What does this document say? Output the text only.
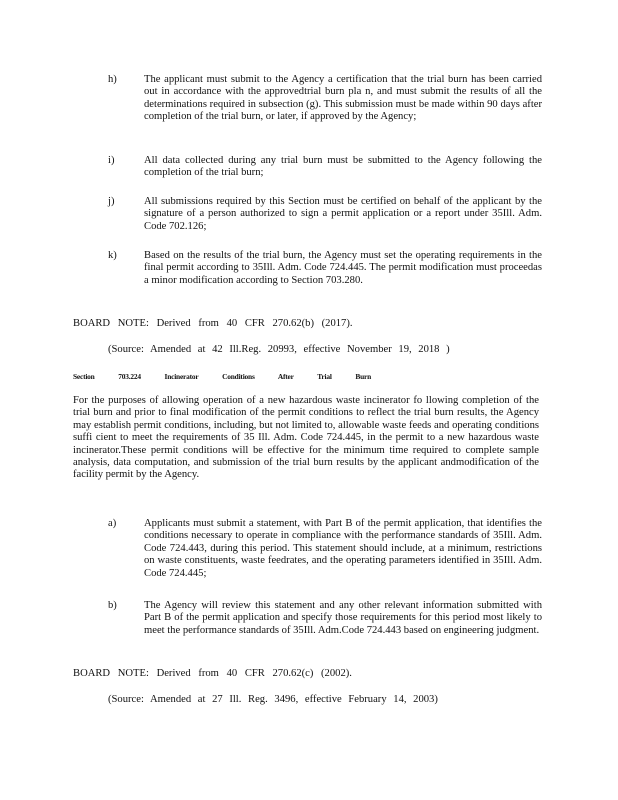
h)	The applicant must submit to the Agency a certification that the trial burn has been carried out in accordance with the approvedtrial burn pla n, and must submit the results of all the determinations required in subsection (g). This submission must be made within 90 days after completion of the trial burn, or later, if approved by the Agency;
i)	All data collected during any trial burn must be submitted to the Agency following the completion of the trial burn;
j)	All submissions required by this Section must be certified on behalf of the applicant by the signature of a person authorized to sign a permit application or a report under 35Ill. Adm. Code 702.126;
k)	Based on the results of the trial burn, the Agency must set the operating requirements in the final permit according to 35Ill. Adm. Code 724.445. The permit modification must proceedas a minor modification according to Section 703.280.
BOARD NOTE: Derived from 40 CFR 270.62(b) (2017).
(Source: Amended at 42 Ill.Reg. 20993, effective November 19, 2018 )
Section	703.224	Incinerator	Conditions	After	Trial	Burn
For the purposes of allowing operation of a new hazardous waste incinerator fo llowing completion of the trial burn and prior to final modification of the permit conditions to reflect the trial burn results, the Agency may establish permit conditions, including, but not limited to, allowable waste feeds and operating conditions suffi cient to meet the requirements of 35 Ill. Adm. Code 724.445, in the permit to a new hazardous waste incinerator.These permit conditions will be effective for the minimum time required to complete sample analysis, data computation, and submission of the trial burn results by the applicant andmodification of the facility permit by the Agency.
a)	Applicants must submit a statement, with Part B of the permit application, that identifies the conditions necessary to operate in compliance with the performance standards of 35Ill. Adm. Code 724.443, during this period. This statement should include, at a minimum, restrictions on waste constituents, waste feedrates, and the operating parameters identified in 35Ill. Adm. Code 724.445;
b)	The Agency will review this statement and any other relevant information submitted with Part B of the permit application and specify those requirements for this period most likely to meet the performance standards of 35Ill. Adm.Code 724.443 based on engineering judgment.
BOARD NOTE: Derived from 40 CFR 270.62(c) (2002).
(Source: Amended at 27 Ill. Reg. 3496, effective February 14, 2003)
